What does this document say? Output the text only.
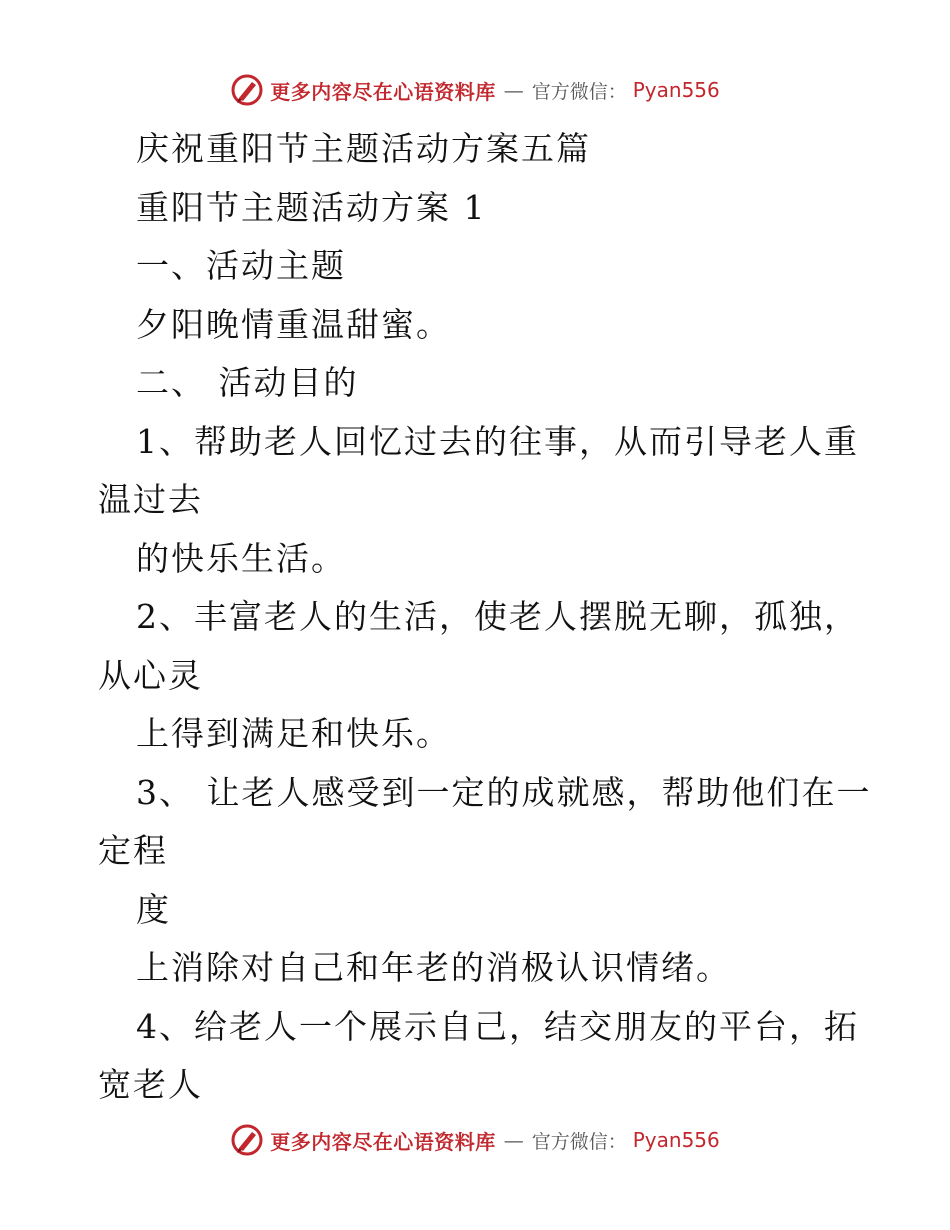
更多内容尽在心语资料库 — 官方微信： Pyan556
庆祝重阳节主题活动方案五篇
重阳节主题活动方案 1
一、活动主题
夕阳晚情重温甜蜜。
二、 活动目的
1、帮助老人回忆过去的往事，从而引导老人重
温过去
的快乐生活。
2、丰富老人的生活，使老人摆脱无聊，孤独，
从心灵
上得到满足和快乐。
3、 让老人感受到一定的成就感，帮助他们在一
定程
度
上消除对自己和年老的消极认识情绪。
4、给老人一个展示自己，结交朋友的平台，拓
宽老人
更多内容尽在心语资料库 — 官方微信： Pyan556
